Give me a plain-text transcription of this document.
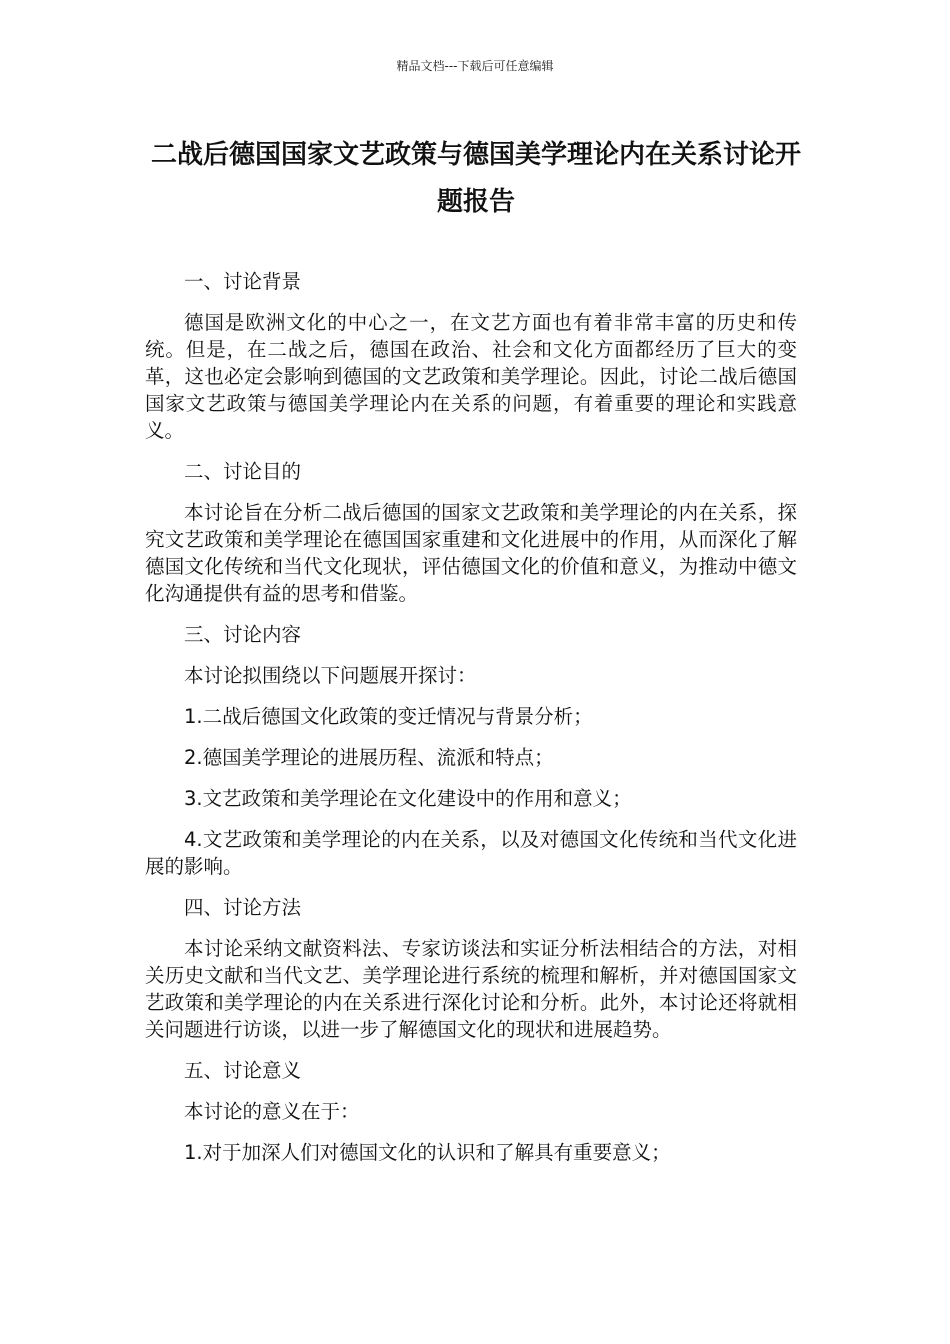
精品文档---下载后可任意编辑
二战后德国国家文艺政策与德国美学理论内在关系讨论开题报告

一、讨论背景

德国是欧洲文化的中心之一，在文艺方面也有着非常丰富的历史和传统。但是，在二战之后，德国在政治、社会和文化方面都经历了巨大的变革，这也必定会影响到德国的文艺政策和美学理论。因此，讨论二战后德国国家文艺政策与德国美学理论内在关系的问题，有着重要的理论和实践意义。

二、讨论目的

本讨论旨在分析二战后德国的国家文艺政策和美学理论的内在关系，探究文艺政策和美学理论在德国国家重建和文化进展中的作用，从而深化了解德国文化传统和当代文化现状，评估德国文化的价值和意义，为推动中德文化沟通提供有益的思考和借鉴。

三、讨论内容

本讨论拟围绕以下问题展开探讨：

1.二战后德国文化政策的变迁情况与背景分析；

2.德国美学理论的进展历程、流派和特点；

3.文艺政策和美学理论在文化建设中的作用和意义；

4.文艺政策和美学理论的内在关系，以及对德国文化传统和当代文化进展的影响。

四、讨论方法

本讨论采纳文献资料法、专家访谈法和实证分析法相结合的方法，对相关历史文献和当代文艺、美学理论进行系统的梳理和解析，并对德国国家文艺政策和美学理论的内在关系进行深化讨论和分析。此外，本讨论还将就相关问题进行访谈，以进一步了解德国文化的现状和进展趋势。

五、讨论意义

本讨论的意义在于：

1.对于加深人们对德国文化的认识和了解具有重要意义；
